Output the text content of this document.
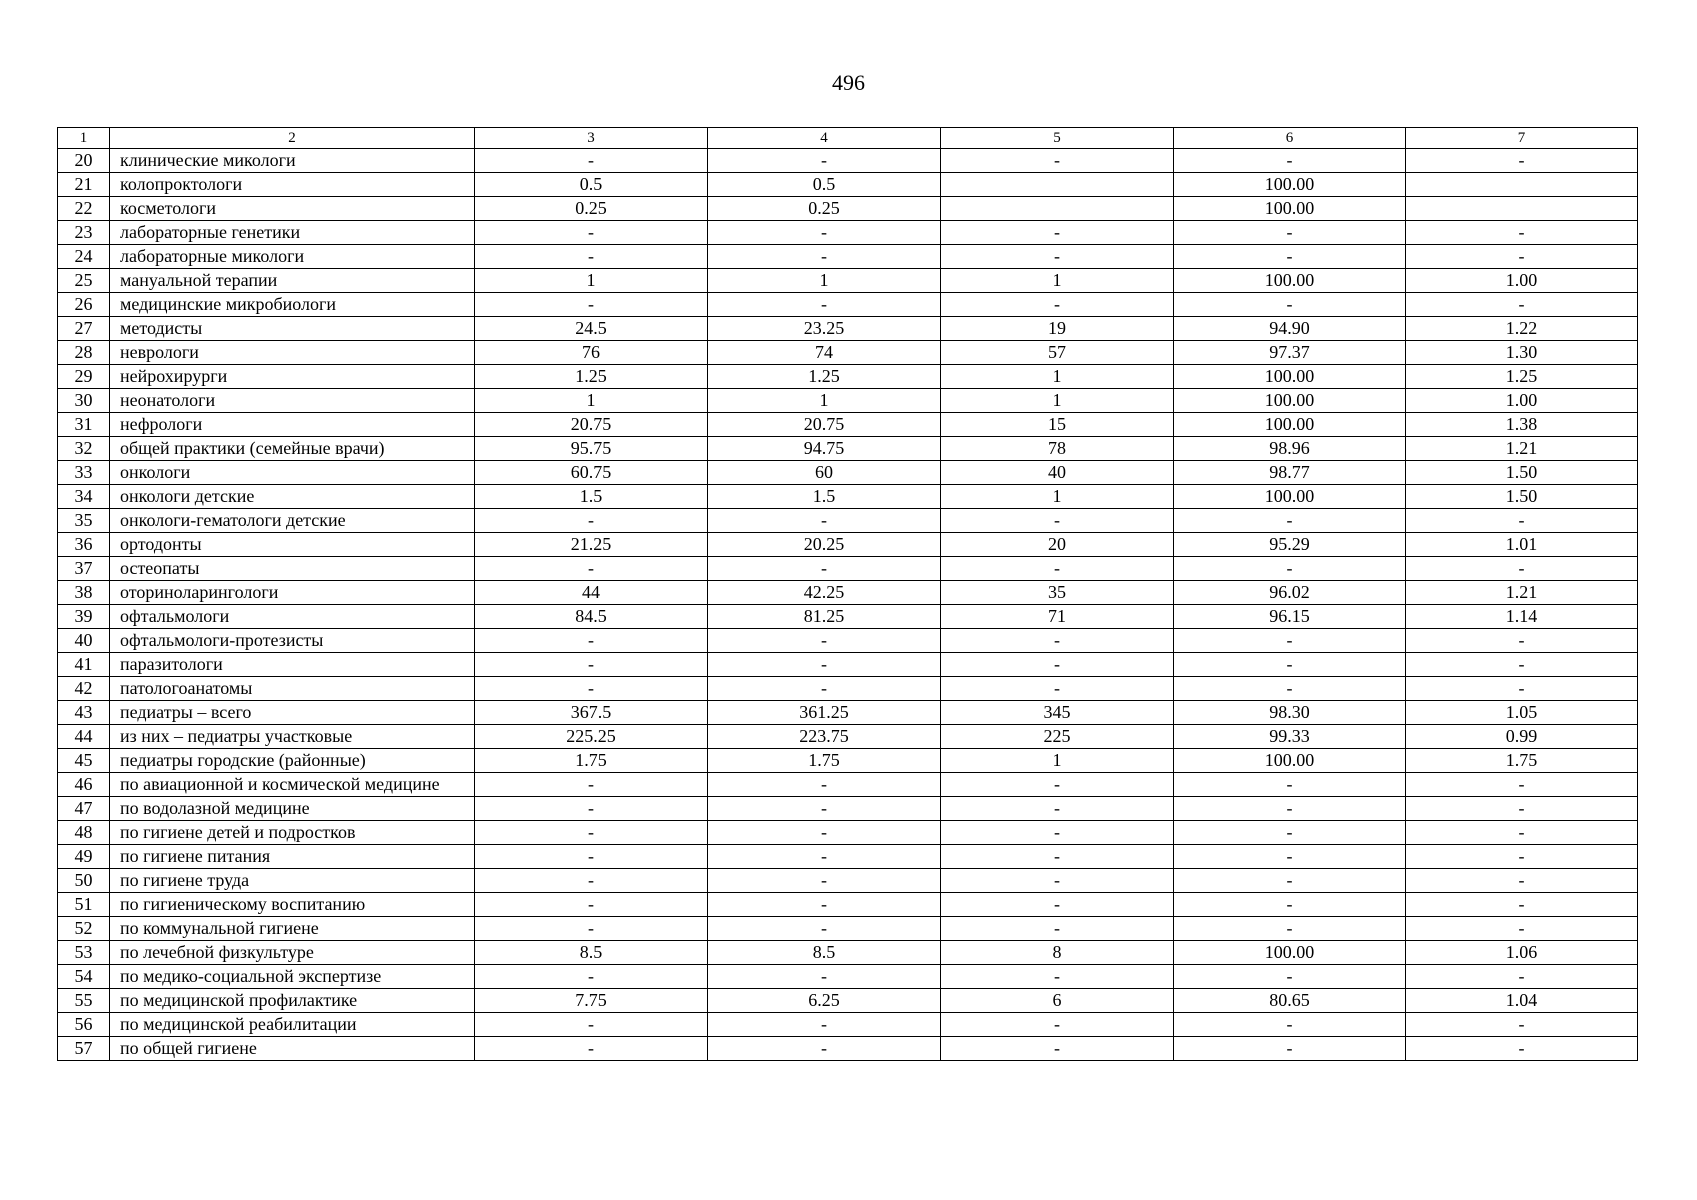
496
1	2	3	4	5	6	7
20	клинические микологи	-	-	-	-	-
21	колопроктологи	0.5	0.5		100.00	
22	косметологи	0.25	0.25		100.00	
23	лабораторные генетики	-	-	-	-	-
24	лабораторные микологи	-	-	-	-	-
25	мануальной терапии	1	1	1	100.00	1.00
26	медицинские микробиологи	-	-	-	-	-
27	методисты	24.5	23.25	19	94.90	1.22
28	неврологи	76	74	57	97.37	1.30
29	нейрохирурги	1.25	1.25	1	100.00	1.25
30	неонатологи	1	1	1	100.00	1.00
31	нефрологи	20.75	20.75	15	100.00	1.38
32	общей практики (семейные врачи)	95.75	94.75	78	98.96	1.21
33	онкологи	60.75	60	40	98.77	1.50
34	онкологи детские	1.5	1.5	1	100.00	1.50
35	онкологи-гематологи детские	-	-	-	-	-
36	ортодонты	21.25	20.25	20	95.29	1.01
37	остеопаты	-	-	-	-	-
38	оториноларингологи	44	42.25	35	96.02	1.21
39	офтальмологи	84.5	81.25	71	96.15	1.14
40	офтальмологи-протезисты	-	-	-	-	-
41	паразитологи	-	-	-	-	-
42	патологоанатомы	-	-	-	-	-
43	педиатры – всего	367.5	361.25	345	98.30	1.05
44	из них – педиатры участковые	225.25	223.75	225	99.33	0.99
45	педиатры городские (районные)	1.75	1.75	1	100.00	1.75
46	по авиационной и космической медицине	-	-	-	-	-
47	по водолазной медицине	-	-	-	-	-
48	по гигиене детей и подростков	-	-	-	-	-
49	по гигиене питания	-	-	-	-	-
50	по гигиене труда	-	-	-	-	-
51	по гигиеническому воспитанию	-	-	-	-	-
52	по коммунальной гигиене	-	-	-	-	-
53	по лечебной физкультуре	8.5	8.5	8	100.00	1.06
54	по медико-социальной экспертизе	-	-	-	-	-
55	по медицинской профилактике	7.75	6.25	6	80.65	1.04
56	по медицинской реабилитации	-	-	-	-	-
57	по общей гигиене	-	-	-	-	-
